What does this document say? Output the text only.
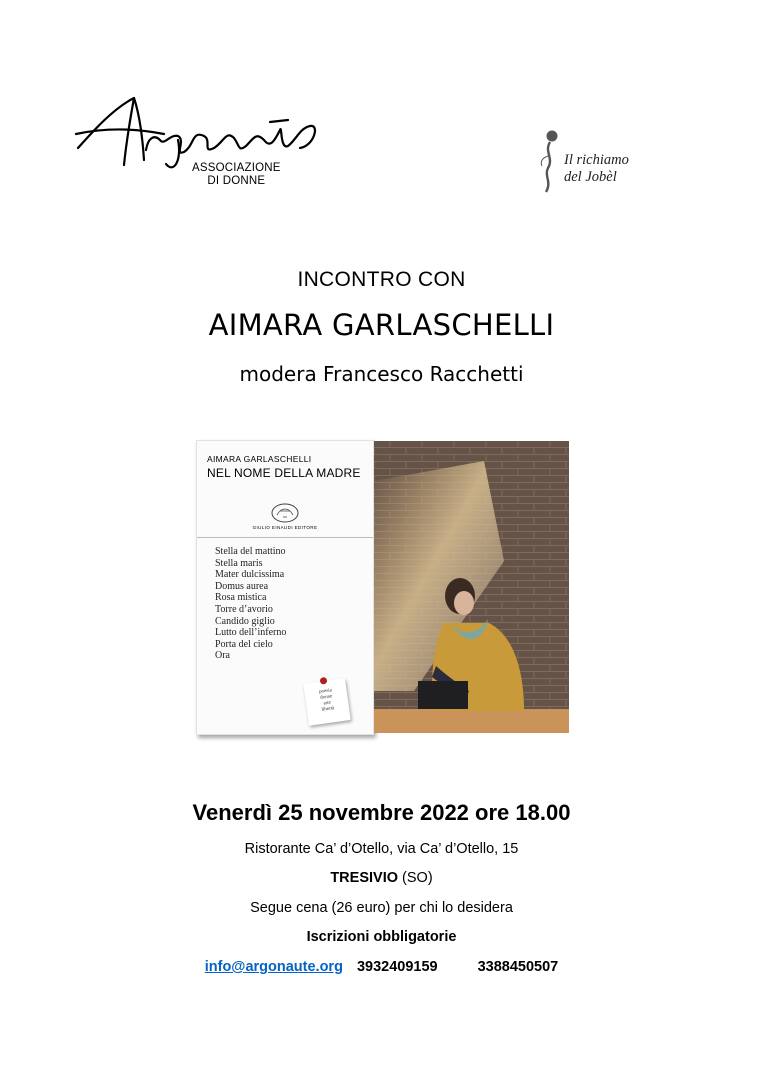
ASSOCIAZIONE
DI DONNE
Il richiamo
del Jobèl
INCONTRO CON
AIMARA GARLASCHELLI
modera Francesco Racchetti
AIMARA GARLASCHELLI
NEL NOME DELLA MADRE
GIULIO EINAUDI EDITORE
Stella del mattino
Stella maris
Mater dulcissima
Domus aurea
Rosa mistica
Torre d’avorio
Candido giglio
Lutto dell’inferno
Porta del cielo
Ora
poesia
donne
arte
libertà
Venerdì 25 novembre 2022 ore 18.00
Ristorante Ca’ d’Otello, via Ca’ d’Otello, 15
TRESIVIO (SO)
Segue cena (26 euro) per chi lo desidera
Iscrizioni obbligatorie
info@argonaute.org 3932409159	3388450507
